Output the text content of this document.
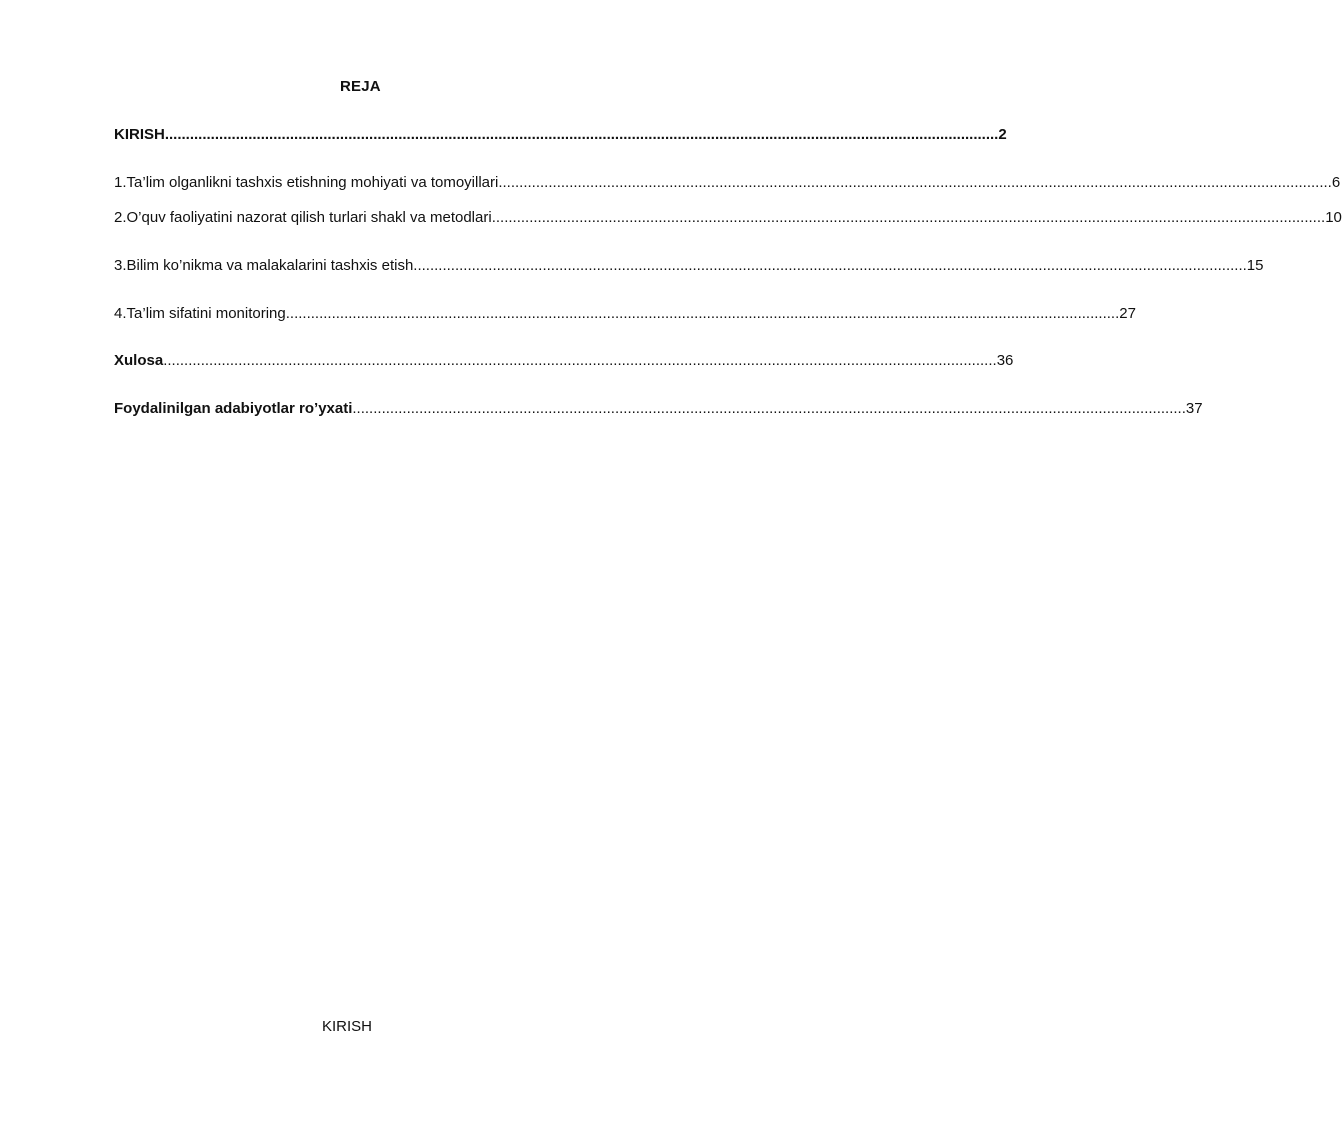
REJA
KIRISH ........................................................................................................................................................................................................ 2
1. Ta’lim olganlikni tashxis etishning mohiyati va tomoyillari ........................................................................................................................................................................................................ 6
2. O’quv faoliyatini nazorat qilish turlari shakl va metodlari ........................................................................................................................................................................................................ 10
3. Bilim ko’nikma va malakalarini tashxis etish ........................................................................................................................................................................................................ 15
4. Ta’lim sifatini monitoring ........................................................................................................................................................................................................ 27
Xulosa ........................................................................................................................................................................................................ 36
Foydalinilgan adabiyotlar ro’yxati ........................................................................................................................................................................................................ 37
KIRISH
